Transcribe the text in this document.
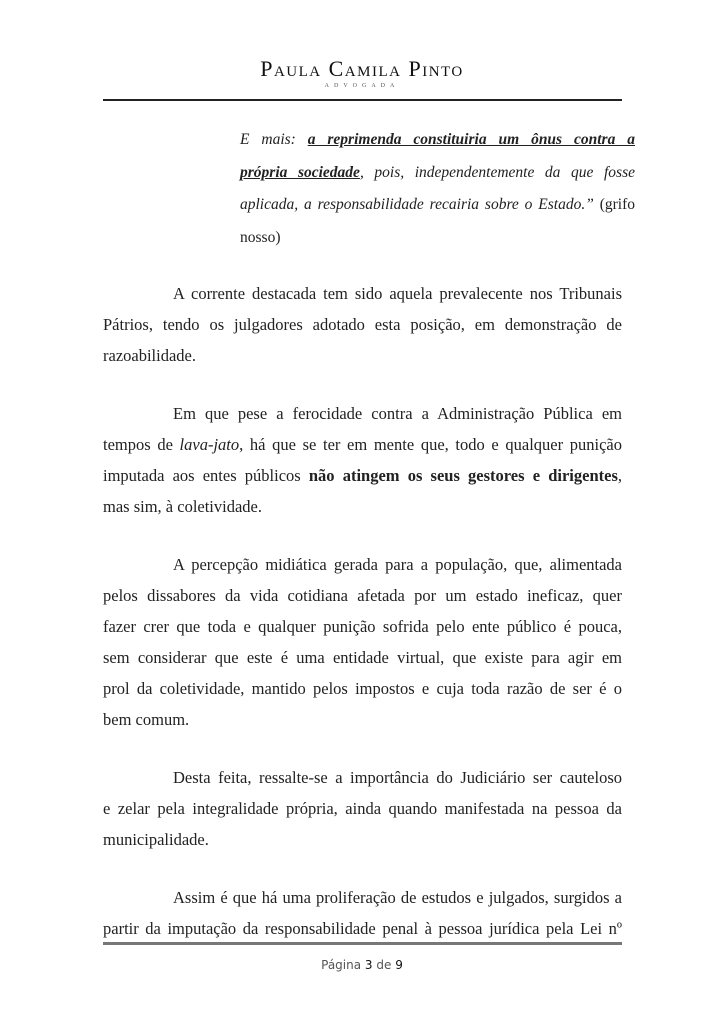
Paula Camila Pinto
ADVOGADA
E mais: a reprimenda constituiria um ônus contra a
própria sociedade, pois, independentemente da que fosse
aplicada, a responsabilidade recairia sobre o Estado.” (grifo
nosso)
A corrente destacada tem sido aquela prevalecente nos Tribunais
Pátrios, tendo os julgadores adotado esta posição, em demonstração de
razoabilidade.
Em que pese a ferocidade contra a Administração Pública em
tempos de lava-jato, há que se ter em mente que, todo e qualquer punição
imputada aos entes públicos não atingem os seus gestores e dirigentes,
mas sim, à coletividade.
A percepção midiática gerada para a população, que, alimentada
pelos dissabores da vida cotidiana afetada por um estado ineficaz, quer
fazer crer que toda e qualquer punição sofrida pelo ente público é pouca,
sem considerar que este é uma entidade virtual, que existe para agir em
prol da coletividade, mantido pelos impostos e cuja toda razão de ser é o
bem comum.
Desta feita, ressalte-se a importância do Judiciário ser cauteloso
e zelar pela integralidade própria, ainda quando manifestada na pessoa da
municipalidade.
Assim é que há uma proliferação de estudos e julgados, surgidos a
partir da imputação da responsabilidade penal à pessoa jurídica pela Lei nº
Página 3 de 9
